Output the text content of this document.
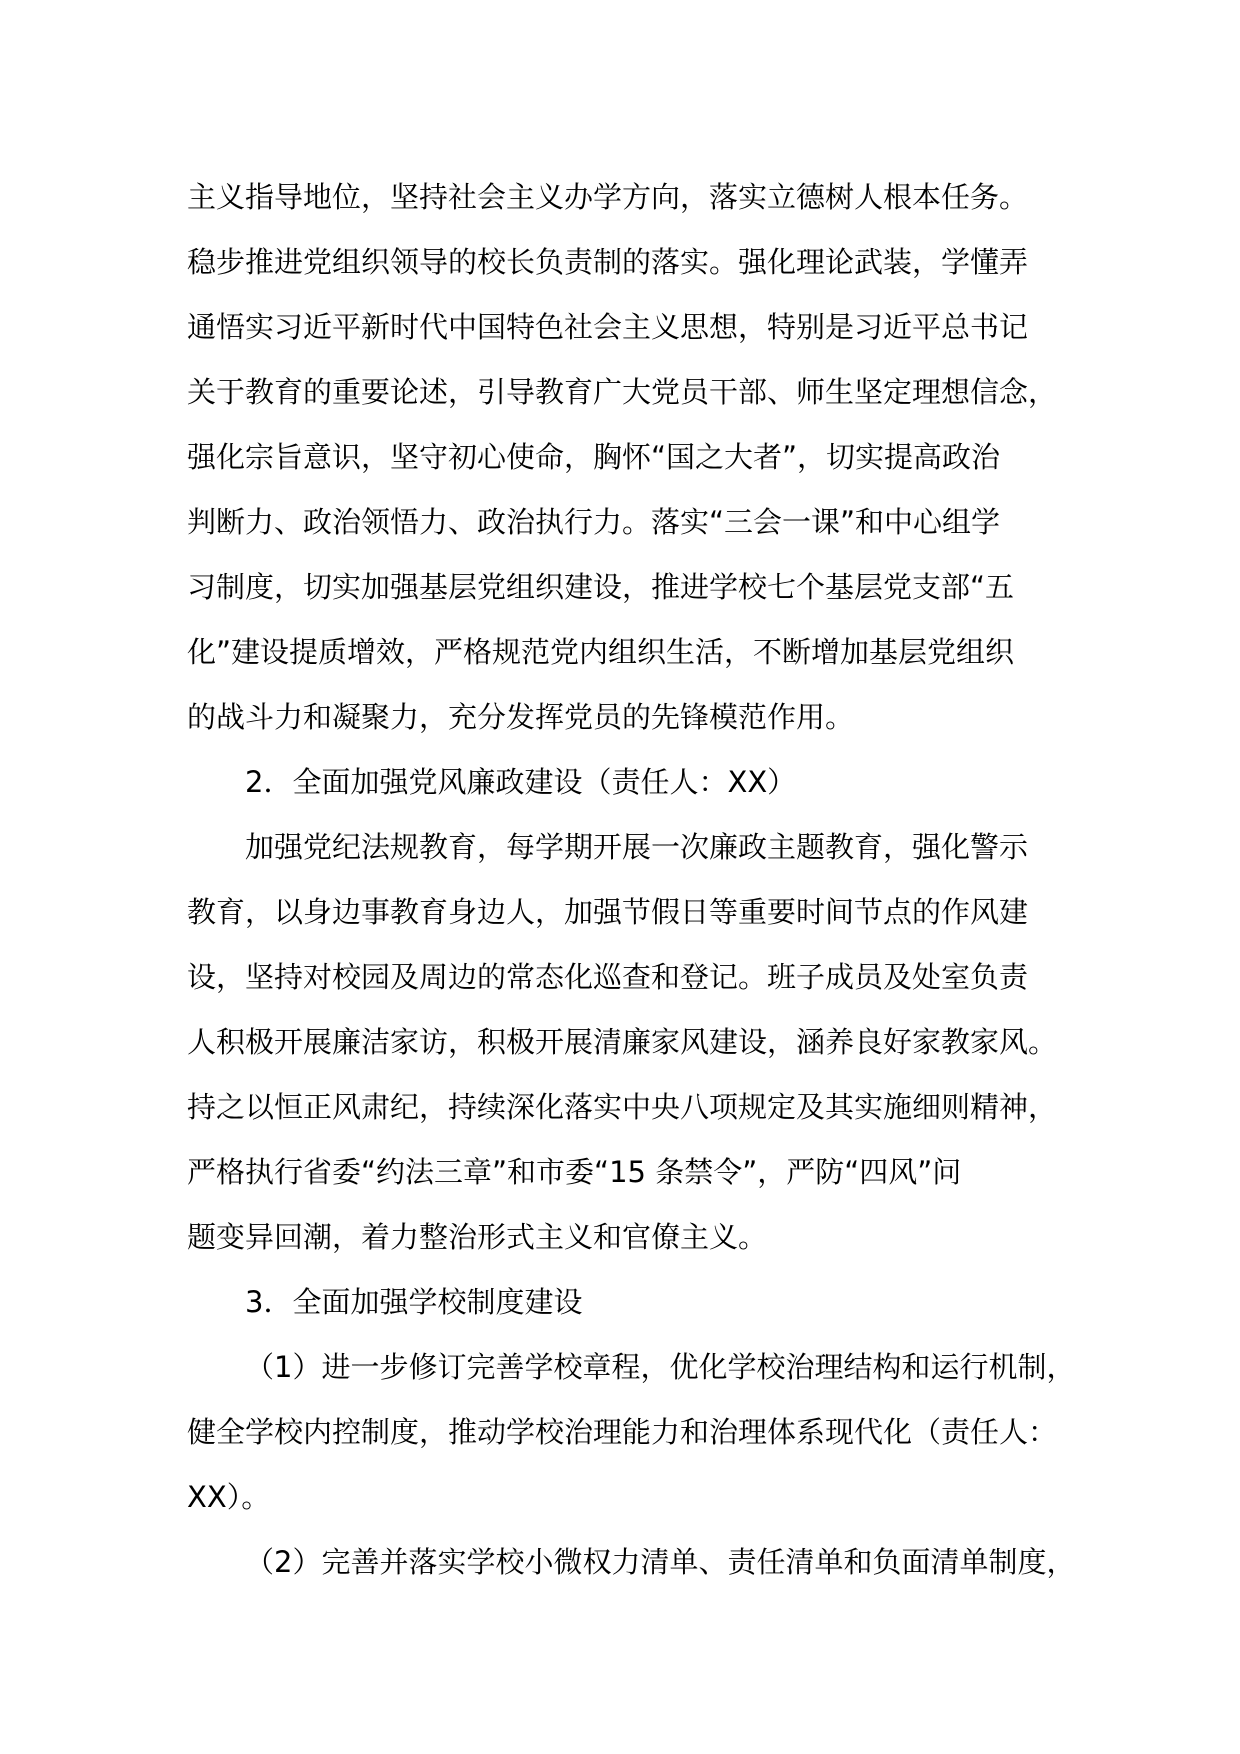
主义指导地位，坚持社会主义办学方向，落实立德树人根本任务。
稳步推进党组织领导的校长负责制的落实。强化理论武装，学懂弄
通悟实习近平新时代中国特色社会主义思想，特别是习近平总书记
关于教育的重要论述，引导教育广大党员干部、师生坚定理想信念，
强化宗旨意识，坚守初心使命，胸怀“国之大者”，切实提高政治
判断力、政治领悟力、政治执行力。落实“三会一课”和中心组学
习制度，切实加强基层党组织建设，推进学校七个基层党支部“五
化”建设提质增效，严格规范党内组织生活，不断增加基层党组织
的战斗力和凝聚力，充分发挥党员的先锋模范作用。
2．全面加强党风廉政建设（责任人：XX）
加强党纪法规教育，每学期开展一次廉政主题教育，强化警示
教育，以身边事教育身边人，加强节假日等重要时间节点的作风建
设，坚持对校园及周边的常态化巡查和登记。班子成员及处室负责
人积极开展廉洁家访，积极开展清廉家风建设，涵养良好家教家风。
持之以恒正风肃纪，持续深化落实中央八项规定及其实施细则精神，
严格执行省委“约法三章”和市委“15 条禁令”，严防“四风”问
题变异回潮，着力整治形式主义和官僚主义。
3．全面加强学校制度建设
（1）进一步修订完善学校章程，优化学校治理结构和运行机制，
健全学校内控制度，推动学校治理能力和治理体系现代化（责任人：
XX）。
（2）完善并落实学校小微权力清单、责任清单和负面清单制度，
